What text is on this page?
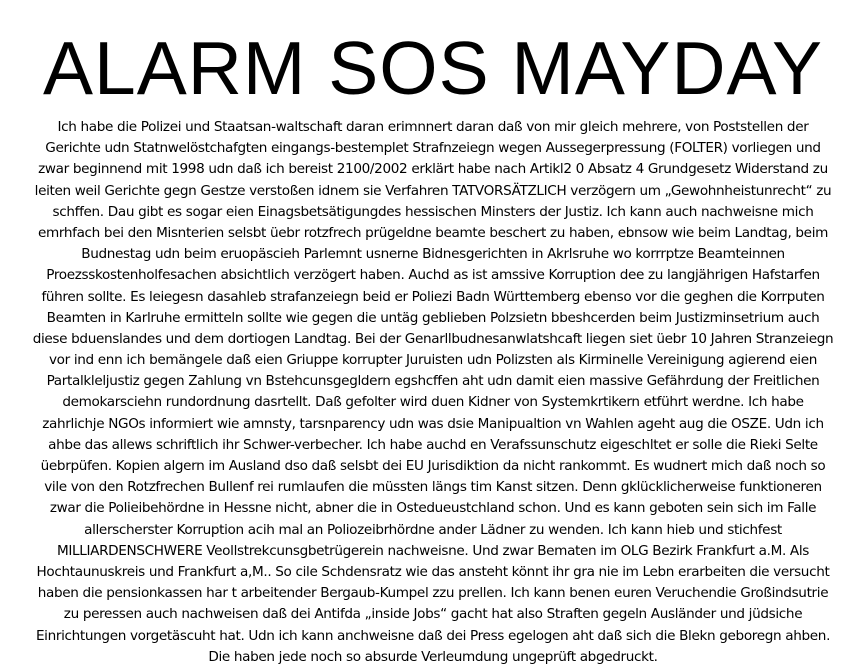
ALARM SOS MAYDAY
Ich habe die Polizei und Staatsan-waltschaft daran erimnnert daran daß von mir gleich mehrere, von Poststellen der
Gerichte udn Statnwelöstchafgten eingangs-bestemplet Strafnzeiegn wegen Aussegerpressung (FOLTER) vorliegen und
zwar beginnend mit 1998 udn daß ich bereist 2100/2002 erklärt habe nach Artikl2 0 Absatz 4 Grundgesetz Widerstand zu
leiten weil Gerichte gegn Gestze verstoßen idnem sie Verfahren TATVORSÄTZLICH verzögern um „Gewohnheistunrecht“ zu
schffen. Dau gibt es sogar eien Einagsbetsätigungdes hessischen Minsters der Justiz. Ich kann auch nachweisne mich
emrhfach bei den Misnterien selsbt üebr rotzfrech prügeldne beamte beschert zu haben, ebnsow wie beim Landtag, beim
Budnestag udn beim eruopäscieh Parlemnt usnerne Bidnesgerichten in Akrlsruhe wo korrrptze Beamteinnen
Proezsskostenholfesachen absichtlich verzögert haben. Auchd as ist amssive Korruption dee zu langjährigen Hafstarfen
führen sollte. Es leiegesn dasahleb strafanzeiegn beid er Poliezi Badn Württemberg ebenso vor die geghen die Korrputen
Beamten in Karlruhe ermitteln sollte wie gegen die untäg geblieben Polzsietn bbeshcerden beim Justizminsetrium auch
diese bduenslandes und dem dortiogen Landtag. Bei der Genarllbudnesanwlatshcaft liegen siet üebr 10 Jahren Stranzeiegn
vor ind enn ich bemängele daß eien Griuppe korrupter Juruisten udn Polizsten als Kirminelle Vereinigung agierend eien
Partalkleljustiz gegen Zahlung vn Bstehcunsgegldern egshcffen aht udn damit eien massive Gefährdung der Freitlichen
demokarsciehn rundordnung dasrtellt. Daß gefolter wird duen Kidner von Systemkrtikern etführt werdne. Ich habe
zahrlichje NGOs informiert wie amnsty, tarsnparency udn was dsie Manipualtion vn Wahlen ageht aug die OSZE. Udn ich
ahbe das allews schriftlich ihr Schwer-verbecher. Ich habe auchd en Verafssunschutz eigeschltet er solle die Rieki Selte
üebrpüfen. Kopien algern im Ausland dso daß selsbt dei EU Jurisdiktion da nicht rankommt. Es wudnert mich daß noch so
vile von den Rotzfrechen Bullenf rei rumlaufen die müssten längs tim Kanst sitzen. Denn gklücklicherweise funktioneren
zwar die Polieibehördne in Hessne nicht, abner die in Ostedueustchland schon. Und es kann geboten sein sich im Falle
allerscherster Korruption acih mal an Poliozeibrhördne ander Lädner zu wenden. Ich kann hieb und stichfest
MILLIARDENSCHWERE Veollstrekcunsgbetrügerein nachweisne. Und zwar Bematen im OLG Bezirk Frankfurt a.M. Als
Hochtaunuskreis und Frankfurt a,M.. So cile Schdensratz wie das ansteht könnt ihr gra nie im Lebn erarbeiten die versucht
haben die pensionkassen har t arbeitender Bergaub-Kumpel zzu prellen. Ich kann benen euren Veruchendie Großindsutrie
zu peressen auch nachweisen daß dei Antifda „inside Jobs“ gacht hat also Straften gegeln Ausländer und jüdsiche
Einrichtungen vorgetäscuht hat. Udn ich kann anchweisne daß dei Press egelogen aht daß sich die Blekn geboregn ahben.
Die haben jede noch so absurde Verleumdung ungeprüft abgedruckt.
